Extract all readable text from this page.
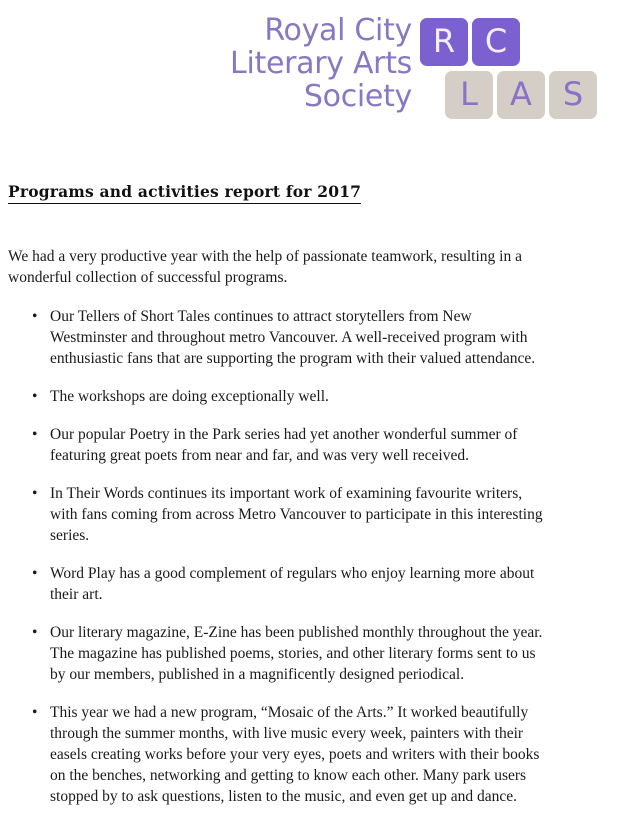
Royal City
Literary Arts
Society
R C
L	A S
Programs and activities report for 2017

We had a very productive year with the help of passionate teamwork, resulting in a wonderful collection of successful programs.

• Our Tellers of Short Tales continues to attract storytellers from New Westminster and throughout metro Vancouver. A well-received program with enthusiastic fans that are supporting the program with their valued attendance.
• The workshops are doing exceptionally well.
• Our popular Poetry in the Park series had yet another wonderful summer of featuring great poets from near and far, and was very well received.
• In Their Words continues its important work of examining favourite writers, with fans coming from across Metro Vancouver to participate in this interesting series.
• Word Play has a good complement of regulars who enjoy learning more about their art.
• Our literary magazine, E-Zine has been published monthly throughout the year. The magazine has published poems, stories, and other literary forms sent to us by our members, published in a magnificently designed periodical.
• This year we had a new program, “Mosaic of the Arts.” It worked beautifully through the summer months, with live music every week, painters with their easels creating works before your very eyes, poets and writers with their books on the benches, networking and getting to know each other. Many park users stopped by to ask questions, listen to the music, and even get up and dance.
